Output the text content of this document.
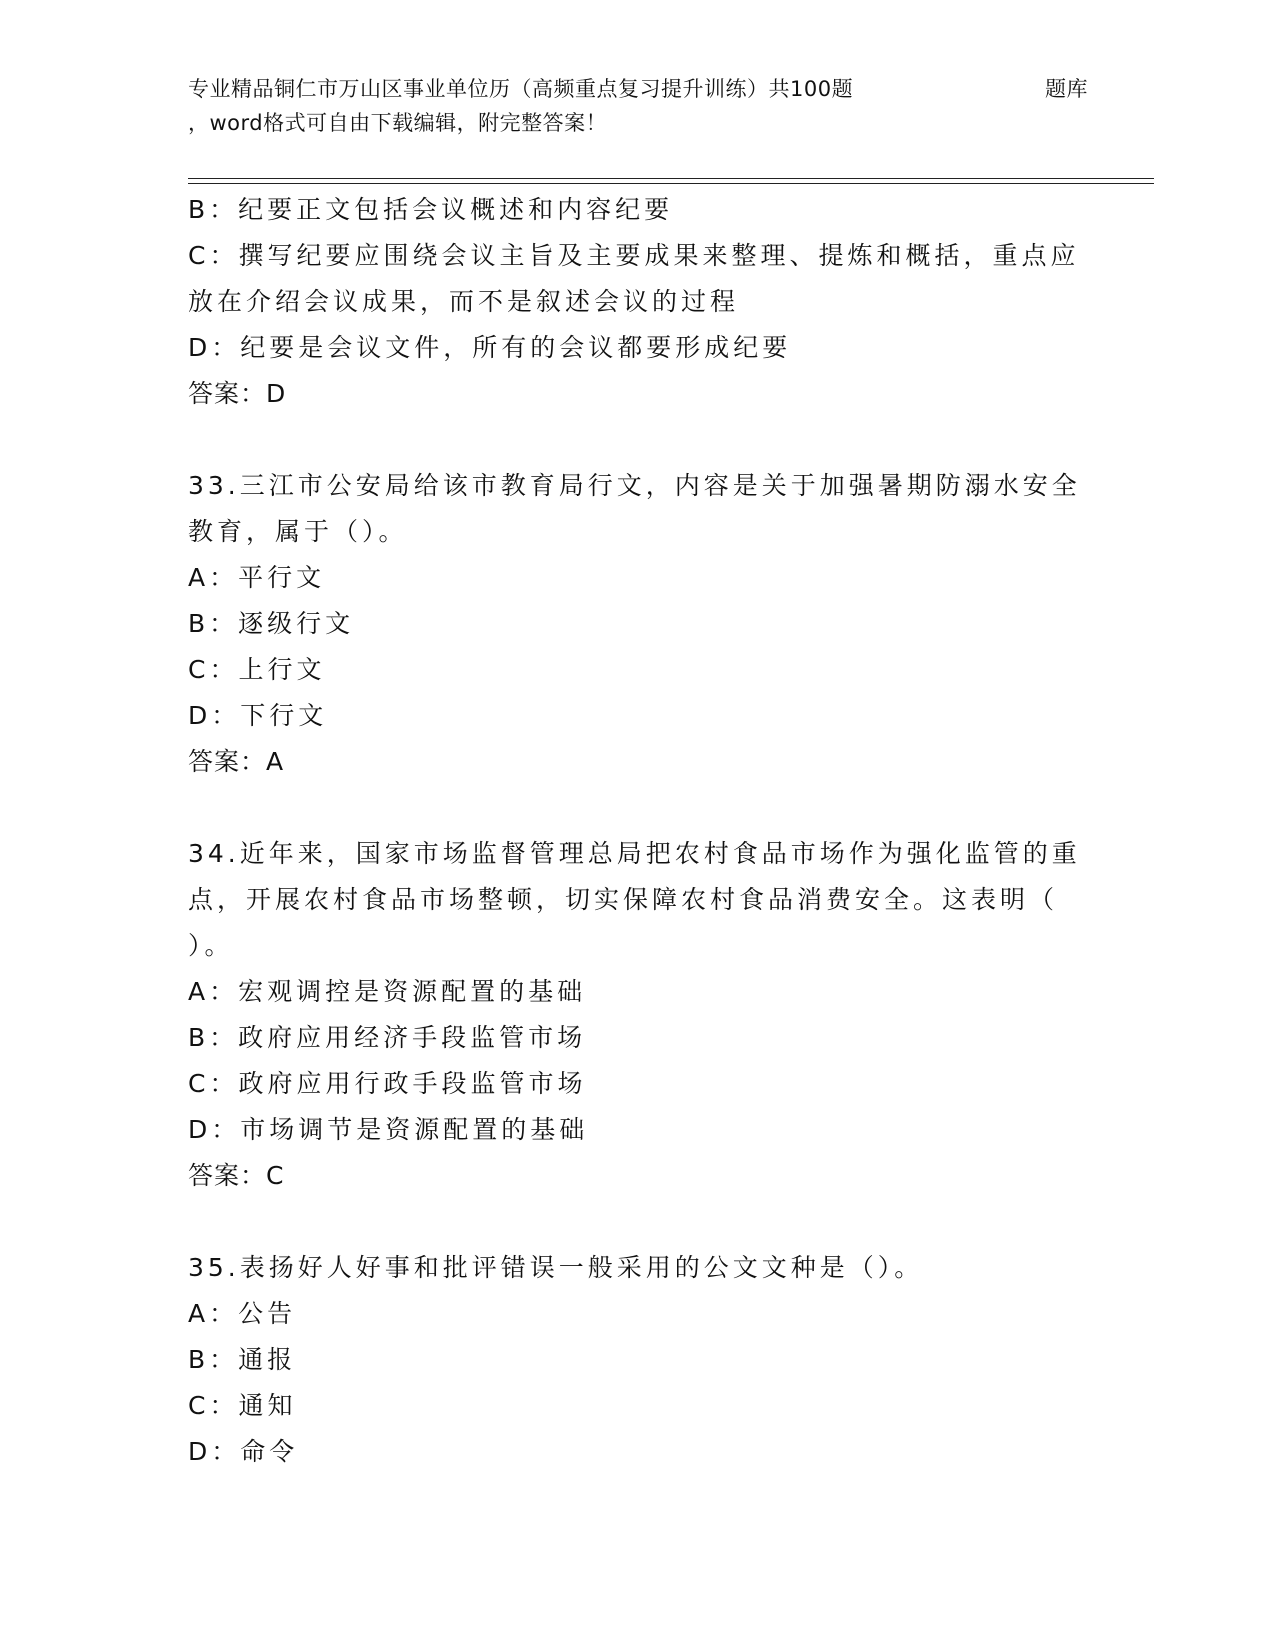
专业精品铜仁市万山区事业单位历（高频重点复习提升训练）共100题	题库
，word格式可自由下载编辑，附完整答案！

B：纪要正文包括会议概述和内容纪要

C：撰写纪要应围绕会议主旨及主要成果来整理、提炼和概括，重点应

放在介绍会议成果，而不是叙述会议的过程

D：纪要是会议文件，所有的会议都要形成纪要

答案：D

33.三江市公安局给该市教育局行文，内容是关于加强暑期防溺水安全

教育，属于（）。

A：平行文

B：逐级行文

C：上行文

D：下行文

答案：A

34.近年来，国家市场监督管理总局把农村食品市场作为强化监管的重

点，开展农村食品市场整顿，切实保障农村食品消费安全。这表明（

）。

A：宏观调控是资源配置的基础

B：政府应用经济手段监管市场

C：政府应用行政手段监管市场

D：市场调节是资源配置的基础

答案：C

35.表扬好人好事和批评错误一般采用的公文文种是（）。

A：公告

B：通报

C：通知

D：命令
